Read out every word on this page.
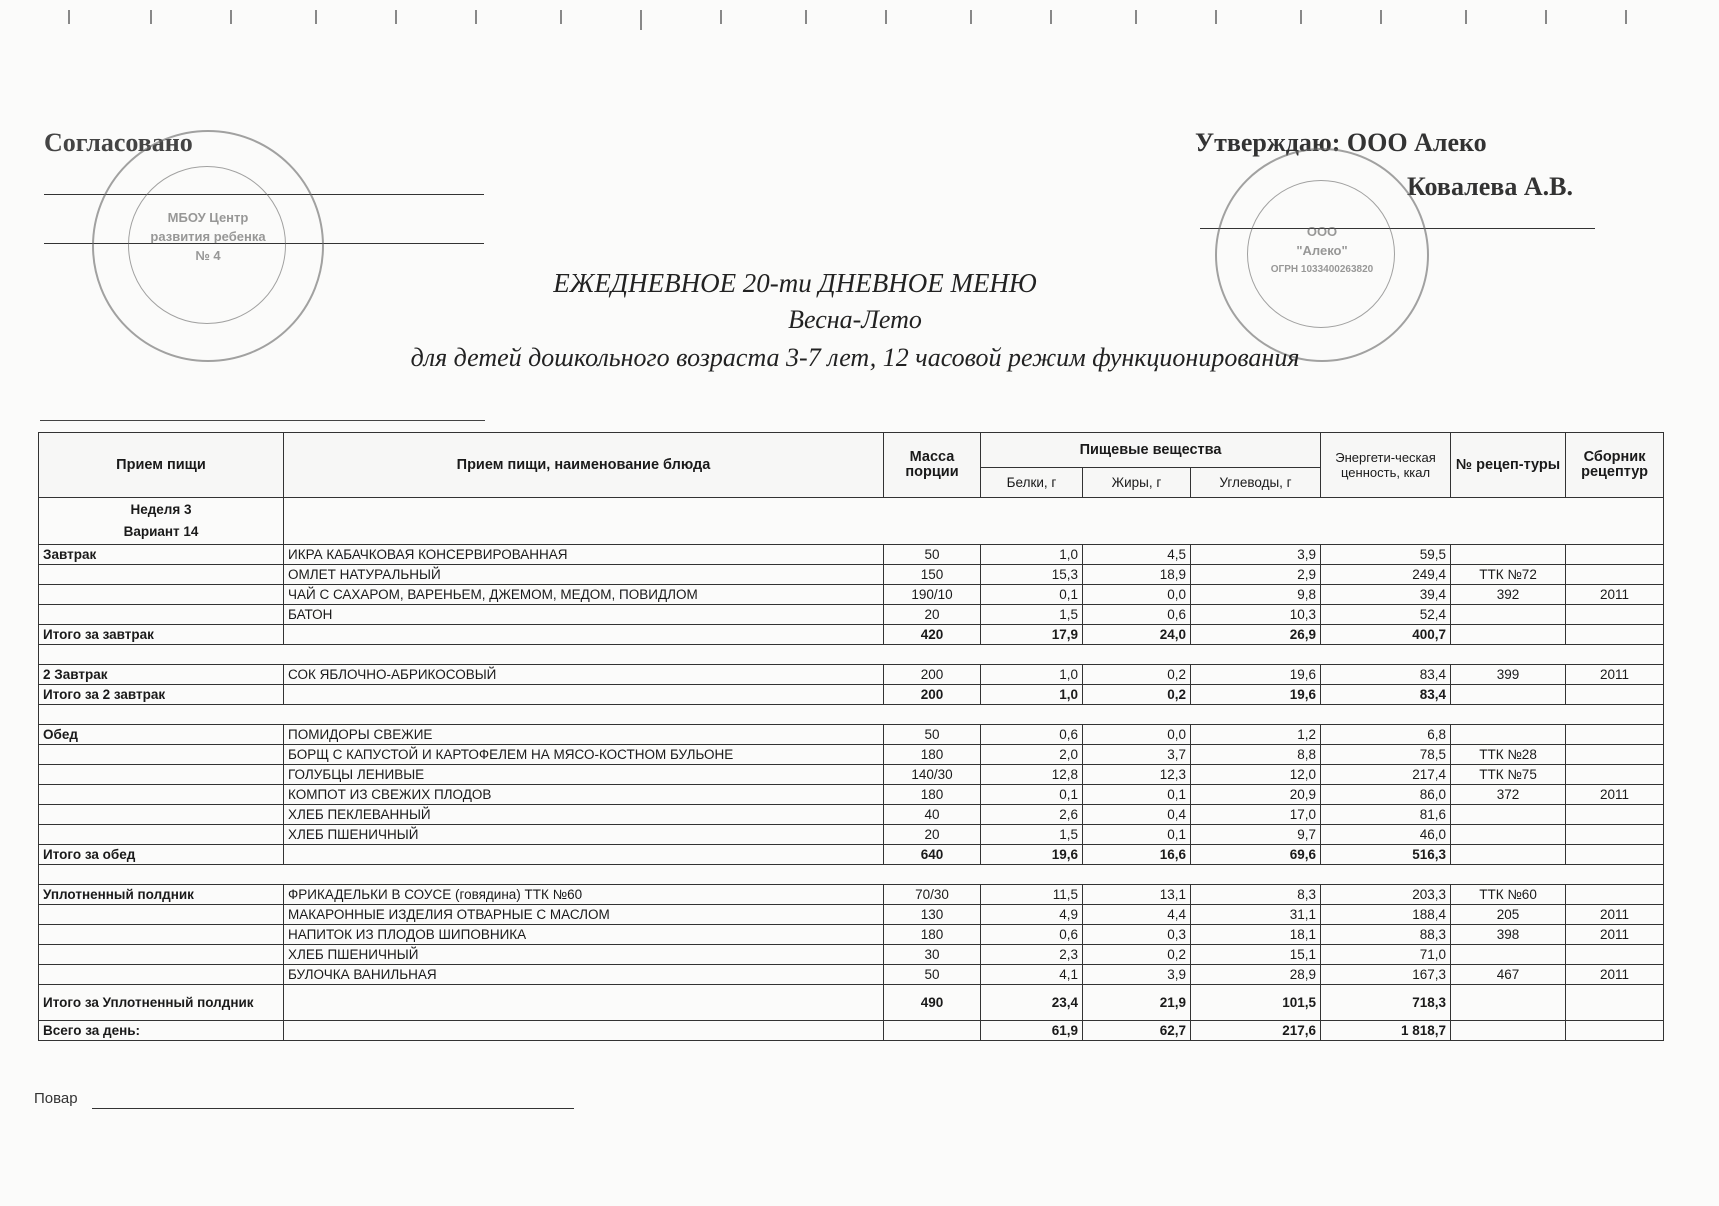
Согласовано
МБОУ Центр
развития ребенка
№ 4
Утверждаю: ООО Алеко
Ковалева А.В.
ООО
"Алеко"
ОГРН 1033400263820
ЕЖЕДНЕВНОЕ 20-ти ДНЕВНОЕ МЕНЮ
Весна-Лето
для детей дошкольного возраста 3-7 лет, 12 часовой режим функционирования
Прием пищи	Прием пищи, наименование блюда	Масса порции	Пищевые вещества			Энергети-ческая ценность, ккал	№ рецеп-туры	Сборник рецептур
			Белки, г	Жиры, г	Углеводы, г			

Неделя 3
Вариант 14								

Завтрак	ИКРА КАБАЧКОВАЯ КОНСЕРВИРОВАННАЯ	50	1,0	4,5	3,9	59,5		
	ОМЛЕТ НАТУРАЛЬНЫЙ	150	15,3	18,9	2,9	249,4	ТТК №72	
	ЧАЙ С САХАРОМ, ВАРЕНЬЕМ, ДЖЕМОМ, МЕДОМ, ПОВИДЛОМ	190/10	0,1	0,0	9,8	39,4	392	2011
	БАТОН	20	1,5	0,6	10,3	52,4		
Итого за завтрак		420	17,9	24,0	26,9	400,7		

2 Завтрак	СОК ЯБЛОЧНО-АБРИКОСОВЫЙ	200	1,0	0,2	19,6	83,4	399	2011
Итого за 2 завтрак		200	1,0	0,2	19,6	83,4		

Обед	ПОМИДОРЫ СВЕЖИЕ	50	0,6	0,0	1,2	6,8		
	БОРЩ С КАПУСТОЙ И КАРТОФЕЛЕМ НА МЯСО-КОСТНОМ БУЛЬОНЕ	180	2,0	3,7	8,8	78,5	ТТК №28	
	ГОЛУБЦЫ ЛЕНИВЫЕ	140/30	12,8	12,3	12,0	217,4	ТТК №75	
	КОМПОТ ИЗ СВЕЖИХ ПЛОДОВ	180	0,1	0,1	20,9	86,0	372	2011
	ХЛЕБ ПЕКЛЕВАННЫЙ	40	2,6	0,4	17,0	81,6		
	ХЛЕБ ПШЕНИЧНЫЙ	20	1,5	0,1	9,7	46,0		
Итого за обед		640	19,6	16,6	69,6	516,3		

Уплотненный полдник	ФРИКАДЕЛЬКИ В СОУСЕ (говядина) ТТК №60	70/30	11,5	13,1	8,3	203,3	ТТК №60	
	МАКАРОННЫЕ ИЗДЕЛИЯ ОТВАРНЫЕ С МАСЛОМ	130	4,9	4,4	31,1	188,4	205	2011
	НАПИТОК ИЗ ПЛОДОВ ШИПОВНИКА	180	0,6	0,3	18,1	88,3	398	2011
	ХЛЕБ ПШЕНИЧНЫЙ	30	2,3	0,2	15,1	71,0		
	БУЛОЧКА ВАНИЛЬНАЯ	50	4,1	3,9	28,9	167,3	467	2011
Итого за Уплотненный полдник		490	23,4	21,9	101,5	718,3		
Всего за день:			61,9	62,7	217,6	1 818,7		
Повар
